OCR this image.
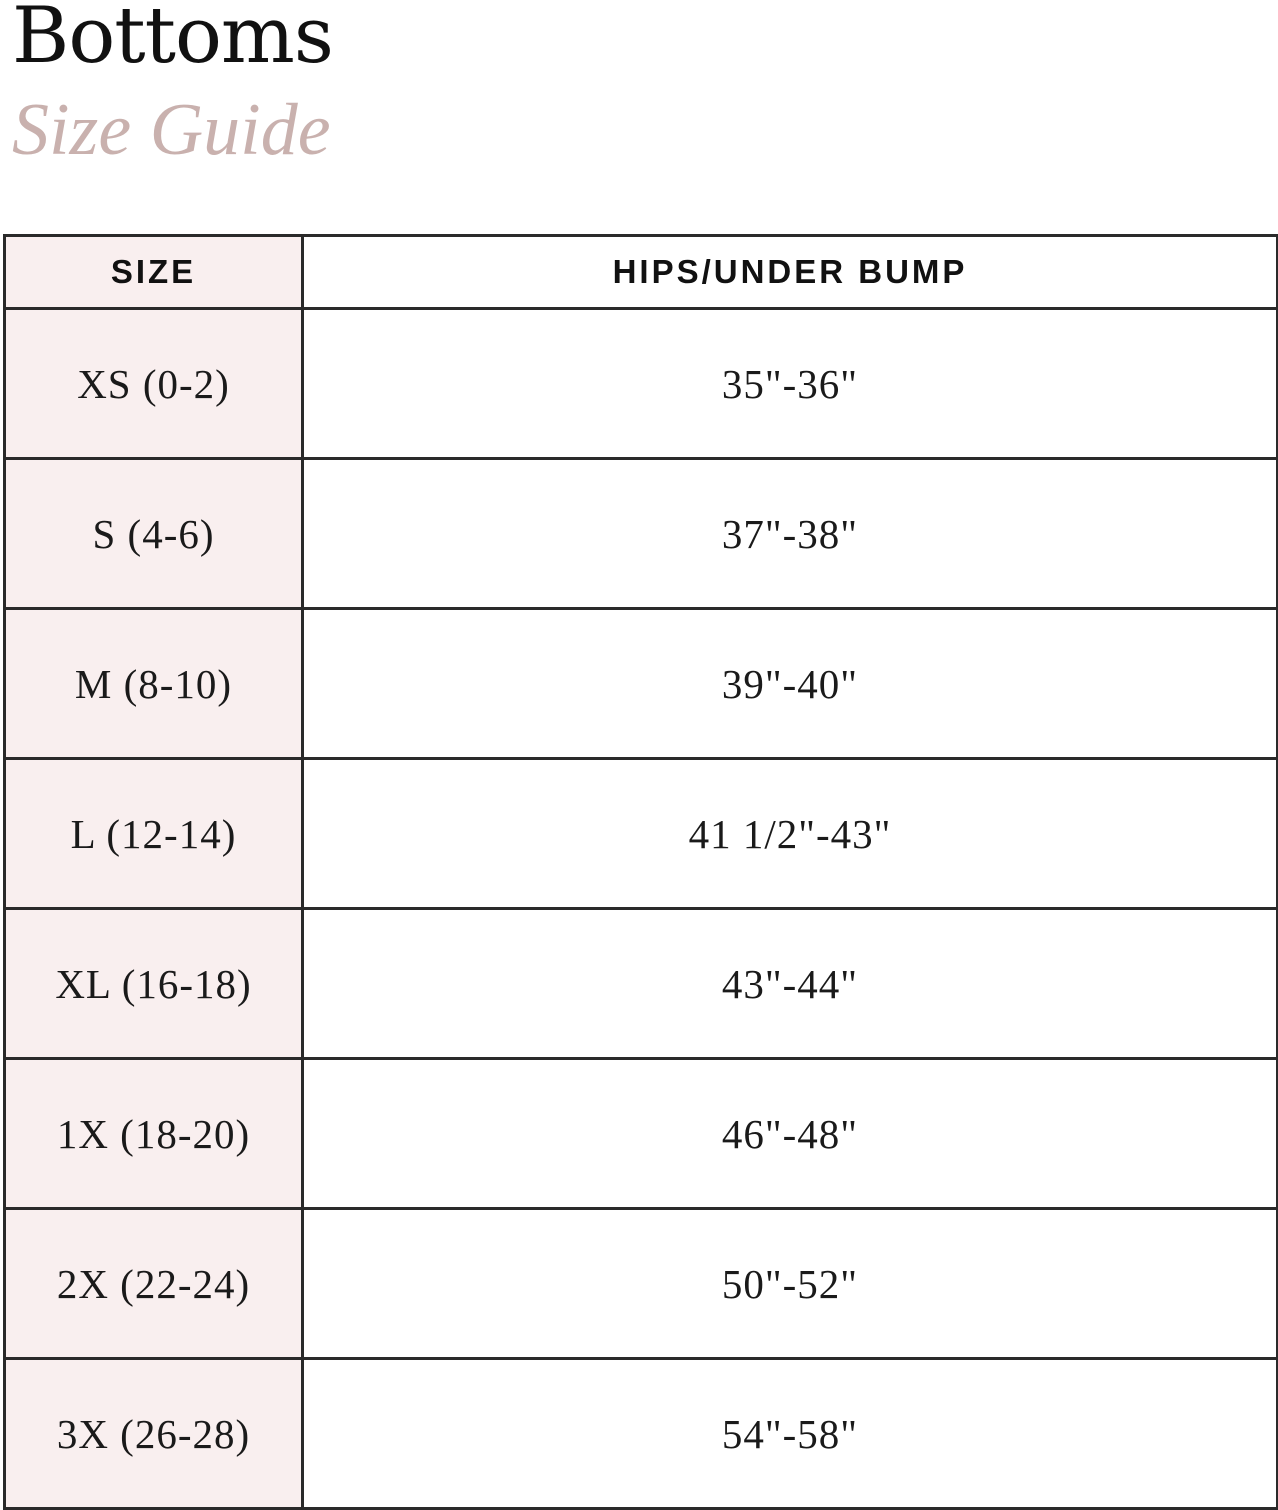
Bottoms
Size Guide
SIZE	HIPS/UNDER BUMP
XS (0-2)	35"-36"
S (4-6)	37"-38"
M (8-10)	39"-40"
L (12-14)	41 1/2"-43"
XL (16-18)	43"-44"
1X (18-20)	46"-48"
2X (22-24)	50"-52"
3X (26-28)	54"-58"
